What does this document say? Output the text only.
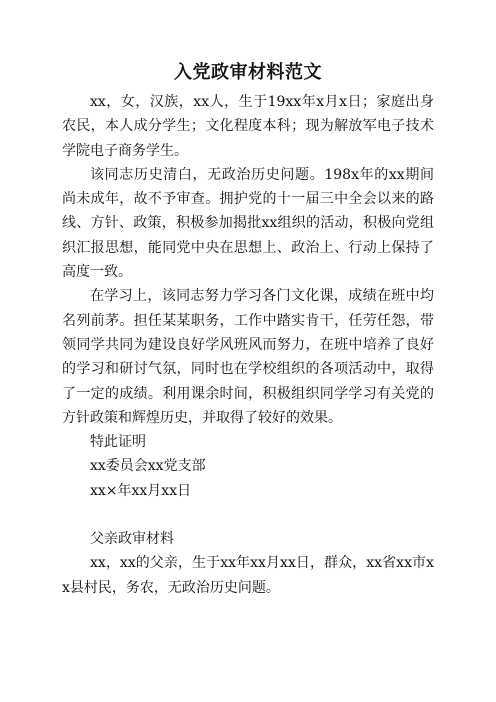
入党政审材料范文

xx，女，汉族，xx人，生于19xx年x月x日；家庭出身农民，本人成分学生；文化程度本科；现为解放军电子技术学院电子商务学生。

该同志历史清白，无政治历史问题。198x年的xx期间尚未成年，故不予审查。拥护党的十一届三中全会以来的路线、方针、政策，积极参加揭批xx组织的活动，积极向党组织汇报思想，能同党中央在思想上、政治上、行动上保持了高度一致。

在学习上，该同志努力学习各门文化课，成绩在班中均名列前茅。担任某某职务，工作中踏实肯干，任劳任怨，带领同学共同为建设良好学风班风而努力，在班中培养了良好的学习和研讨气氛，同时也在学校组织的各项活动中，取得了一定的成绩。利用课余时间，积极组织同学学习有关党的方针政策和辉煌历史，并取得了较好的效果。

特此证明

xx委员会xx党支部

xx×年xx月xx日

父亲政审材料

xx，xx的父亲，生于xx年xx月xx日，群众，xx省xx市xx县村民，务农，无政治历史问题。
